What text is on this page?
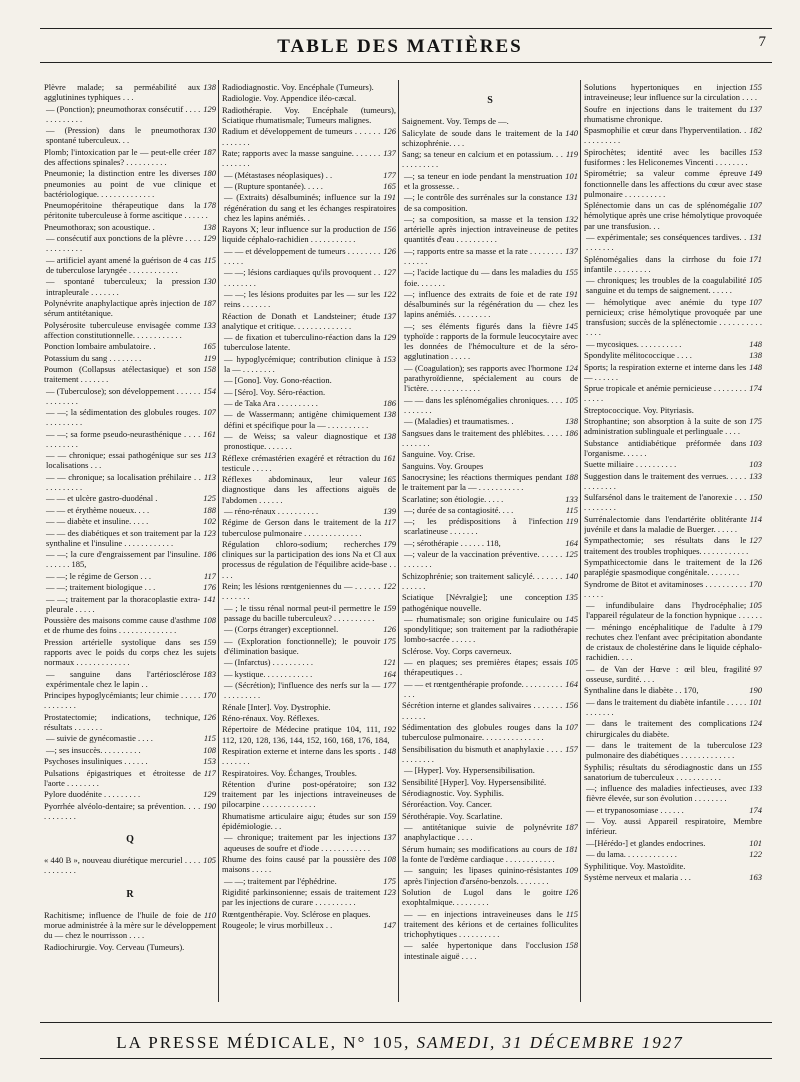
TABLE DES MATIÈRES	7
138
Plèvre malade; sa perméabilité aux agglutinines typhiques . . .
129
— (Ponction); pneumothorax consécutif . . . . . . . . . . . . .
130
— (Pression) dans le pneumothorax spontané tuberculeux. . .
187
Plomb; l'intoxication par le — peut-elle créer des affections spinales? . . . . . . . . . .
180
Pneumonie; la distinction entre les diverses pneumonies au point de vue clinique et bactériologique. . . . . . . . . . . . . .
178
Pneumopéritoine thérapeutique dans la péritonite tuberculeuse à forme ascitique . . . . . .
138
Pneumothorax; son acoustique. .
129
— consécutif aux ponctions de la plèvre . . . . . . . . . . . . .
115
— artificiel ayant amené la guérison de 4 cas de tuberculose laryngée . . . . . . . . . . . .
130
— spontané tuberculeux; la pression intrapleurale . . . . . . .
187
Polynévrite anaphylactique après injection de sérum antitétanique.
133
Polysérosite tuberculeuse envisagée comme affection constitutionnelle. . . . . . . . . . . .
165
Ponction lombaire ambulatoire. .
119
Potassium du sang . . . . . . . .
158
Poumon (Collapsus atélectasique) et son traitement . . . . . . .
154
— (Tuberculose); son développement . . . . . . . . . . . . . .
107
— —; la sédimentation des globules rouges. . . . . . . . . .
161
— —; sa forme pseudo-neurasthénique . . . . . . . . . . . .
113
— — chronique; essai pathogénique sur ses localisations . . .
113
— — chronique; sa localisation préhilaire . . . . . . . . . . .
125
— — et ulcère gastro-duodénal .
188
— — et érythème noueux. . . .
102
— — diabète et insuline. . . . .
123
— — des diabétiques et son traitement par la synthaline et l'insuline . . . . . . . . . . . .
186
— —; la cure d'engraissement par l'insuline. . . . . . . 185,
117
— —; le régime de Gerson . . .
176
— —; traitement biologique . . .
141
— —; traitement par la thoracoplastie extra-pleurale . . . . .
108
Poussière des maisons comme cause d'asthme et de rhume des foins . . . . . . . . . . . . . .
159
Pression artérielle systolique dans ses rapports avec le poids du corps chez les sujets normaux . . . . . . . . . . . . .
183
— sanguine dans l'artériosclérose expérimentale chez le lapin . .
170
Principes hypoglycémiants; leur chimie . . . . . . . . . . . . .
126
Prostatectomie; indications, technique, résultats . . . . . . .
115
— suivie de gynécomastie . . . .
108
—; ses insuccès. . . . . . . . . .
153
Psychoses insuliniques . . . . . .
117
Pulsations épigastriques et étroitesse de l'aorte . . . . . . . .
129
Pylore duodénite . . . . . . . . .
190
Pyorrhée alvéolo-dentaire; sa prévention. . . . . . . . . . . .
Q
105
« 440 B », nouveau diurétique mercuriel . . . . . . . . . . . .
R
110
Rachitisme; influence de l'huile de foie de morue administrée à la mère sur le développement du — chez le nourrisson . . . .
Radiochirurgie. Voy. Cerveau (Tumeurs).
Radiodiagnostic. Voy. Encéphale (Tumeurs).
Radiologie. Voy. Appendice iléo-cæcal.
Radiothérapie. Voy. Encéphale (tumeurs), Sciatique rhumatismale; Tumeurs malignes.
126
Radium et développement de tumeurs . . . . . . . . . . . . .
137
Rate; rapports avec la masse sanguine. . . . . . . . . . . . . .
177
— (Métastases néoplasiques) . .
165
— (Rupture spontanée). . . . .
191
— (Extraits) désalbuminés; influence sur la régénération du sang et les échanges respiratoires chez les lapins anémiés. .
156
Rayons X; leur influence sur la production de liquide céphalo-rachidien . . . . . . . . . . .
126
— — et développement de tumeurs . . . . . . . . . . . . .
127
— —; lésions cardiaques qu'ils provoquent . . . . . . . . . .
122
— —; les lésions produites par les — sur les reins . . . . . . .
137
Réaction de Donath et Landsteiner; étude analytique et critique. . . . . . . . . . . . . .
129
— de fixation et tuberculino-réaction dans la tuberculose latente.
153
— hypoglycémique; contribution clinique à la — . . . . . . . .
— [Gono]. Voy. Gono-réaction.
— [Séro]. Voy. Séro-réaction.
186
— de Taka Ara . . . . . . . . . .
138
— de Wassermann; antigène chimiquement défini et spécifique pour la — . . . . . . . . . .
138
— de Weiss; sa valeur diagnostique et pronostique. . . . . . .
161
Réflexe crémastérien exagéré et rétraction du testicule . . . . .
165
Réflexes abdominaux, leur valeur diagnostique dans les affections aiguës de l'abdomen . . . . . .
139
— réno-rénaux . . . . . . . . . .
117
Régime de Gerson dans le traitement de la tuberculose pulmonaire . . . . . . . . . . . . . .
179
Régulation chloro-sodium; recherches cliniques sur la participation des ions Na et Cl aux processus de régulation de l'équilibre acide-base . . . . .
122
Rein; les lésions rœntgeniennes du — . . . . . . . . . . . . .
159
— ; le tissu rénal normal peut-il permettre le passage du bacille tuberculeux? . . . . . . . . . .
126
— (Corps étranger) exceptionnel.
175
— (Exploration fonctionnelle); le pouvoir d'élimination basique.
121
— (Infarctus) . . . . . . . . . .
164
— kystique. . . . . . . . . . . .
177
— (Sécrétion); l'influence des nerfs sur la — . . . . . . . . .
Rénale [Inter]. Voy. Dystrophie.
Réno-rénaux. Voy. Réflexes.
192
Répertoire de Médecine pratique 104, 111, 112, 120, 128, 136, 144, 152, 160, 168, 176, 184,
148
Respiration externe et interne dans les sports . . . . . . . .
Respiratoires. Voy. Échanges, Troubles.
132
Rétention d'urine post-opératoire; son traitement par les injections intraveineuses de pilocarpine . . . . . . . . . . . . .
159
Rhumatisme articulaire aigu; études sur son épidémiologie. . .
137
— chronique; traitement par les injections aqueuses de soufre et d'iode . . . . . . . . . . . .
108
Rhume des foins causé par la poussière des maisons . . . . .
175
— —; traitement par l'éphédrine.
123
Rigidité parkinsonienne; essais de traitement par les injections de curare . . . . . . . . . .
Rœntgenthérapie. Voy. Sclérose en plaques.
147
Rougeole; le virus morbilleux . .
S
Saignement. Voy. Temps de —.
140
Salicylate de soude dans le traitement de la schizophrénie. . . .
119
Sang; sa teneur en calcium et en potassium. . . . . . . . . . . .
101
—; sa teneur en iode pendant la menstruation et la grossesse. .
131
—; le contrôle des surrénales sur la constance de sa composition.
132
—; sa composition, sa masse et la tension artérielle après injection intraveineuse de petites quantités d'eau . . . . . . . . . .
137
—; rapports entre sa masse et la rate . . . . . . . . . . . . . .
155
—; l'acide lactique du — dans les maladies du foie. . . . . . .
191
—; influence des extraits de foie et de rate désalbuminés sur la régénération du — chez les lapins anémiés. . . . . . . . .
145
—; ses éléments figurés dans la fièvre typhoïde : rapports de la formule leucocytaire avec les données de l'hémoculture et de la séro-agglutination . . . . .
124
— (Coagulation); ses rapports avec l'hormone parathyroïdienne, spécialement au cours de l'ictère. . . . . . . . . . . . .
105
— — dans les splénomégalies chroniques. . . . . . . . . . .
138
— (Maladies) et traumatismes. .
186
Sangsues dans le traitement des phlébites. . . . . . . . . . . .
Sanguine. Voy. Crise.
Sanguins. Voy. Groupes
188
Sanocrysine; les réactions thermiques pendant le traitement par la — . . . . . . . . . . .
133
Scarlatine; son étiologie. . . . .
115
—; durée de sa contagiosité. . . .
119
—; les prédispositions à l'infection scarlatineuse . . . . . . .
164
—; sérothérapie . . . . . . 118,
125
—; valeur de la vaccination préventive. . . . . . . . . . . . .
140
Schizophrénie; son traitement salicylé. . . . . . . . . . . . .
135
Sciatique [Névralgie]; une conception pathogénique nouvelle.
145
— rhumatismale; son origine funiculaire ou spondylitique; son traitement par la radiothérapie lombo-sacrée . . . . . .
Sclérose. Voy. Corps caverneux.
105
— en plaques; ses premières étapes; essais thérapeutiques . .
164
— — et rœntgenthérapie profonde. . . . . . . . . . . . .
156
Sécrétion interne et glandes salivaires . . . . . . . . . . . . .
107
Sédimentation des globules rouges dans la tuberculose pulmonaire. . . . . . . . . . . . . . .
157
Sensibilisation du bismuth et anaphylaxie . . . . . . . . . . . .
— [Hyper]. Voy. Hypersensibilisation.
Sensibilité [Hyper]. Voy. Hypersensibilité.
Sérodiagnostic. Voy. Syphilis.
Séroréaction. Voy. Cancer.
Sérothérapie. Voy. Scarlatine.
187
— antitétanique suivie de polynévrite anaphylactique . . . .
181
Sérum humain; ses modifications au cours de la fonte de l'œdème cardiaque . . . . . . . . . . . .
109
— sanguin; les lipases quinino-résistantes après l'injection d'arséno-benzols. . . . . . . .
126
Solution de Lugol dans le goitre exophtalmique. . . . . . . . .
115
— — en injections intraveineuses dans le traitement des kérions et de certaines folliculites trichophytiques . . . . . . . . . .
158
— salée hypertonique dans l'occlusion intestinale aiguë . . . .
155
Solutions hypertoniques en injection intraveineuse; leur influence sur la circulation . . . .
137
Soufre en injections dans le traitement du rhumatisme chronique.
182
Spasmophilie et cœur dans l'hyperventilation. . . . . . . . . . .
153
Spirochètes; identité avec les bacilles fusiformes : les Heliconemes Vincenti . . . . . . . .
149
Spirométrie; sa valeur comme épreuve fonctionnelle dans les affections du cœur avec stase pulmonaire . . . . . . . . . .
107
Splénectomie dans un cas de splénomégalie hémolytique après une crise hémolytique provoquée par une transfusion. . .
131
— expérimentale; ses conséquences tardives. . . . . . . . .
171
Splénomégalies dans la cirrhose du foie infantile . . . . . . . . .
105
— chroniques; les troubles de la coagulabilité sanguine et du temps de saignement. . . . . .
107
— hémolytique avec anémie du type pernicieux; crise hémolytique provoquée par une transfusion; succès de la splénectomie . . . . . . . . . . . . . .
148
— mycosiques. . . . . . . . . . .
138
Spondylite mélitococcique . . . .
148
Sports; la respiration externe et interne dans les — . . . . . .
174
Sprue tropicale et anémie pernicieuse . . . . . . . . . . . . .
Streptococcique. Voy. Pityriasis.
175
Strophantine; son absorption à la suite de son administration sublinguale et perlinguale . . . .
103
Substance antidiabétique préformée dans l'organisme. . . . . .
103
Suette miliaire . . . . . . . . . .
133
Suggestion dans le traitement des verrues. . . . . . . . . . . . .
150
Sulfarsénol dans le traitement de l'anorexie . . . . . . . . . . .
114
Surrénalectomie dans l'endartérite oblitérante juvénile et dans la maladie de Buerger. . . . . .
127
Sympathectomie; ses résultats dans le traitement des troubles trophiques. . . . . . . . . . . .
126
Sympathicectomie dans le traitement de la paraplégie spasmodique congénitale. . . . . . . .
170
Syndrome de Bitot et avitaminoses . . . . . . . . . . . . . . .
105
— infundibulaire dans l'hydrocéphalie; l'appareil régulateur de la fonction hypnique . . . . . .
179
— méningo encéphalitique de l'adulte à rechutes chez l'enfant avec précipitation abondante de cristaux de cholestérine dans le liquide céphalo-rachidien. . . .
97
— de Van der Hœve : œil bleu, fragilité osseuse, surdité. . . .
190
Synthaline dans le diabète . . 170,
101
— dans le traitement du diabète infantile . . . . . . . . . . . .
124
— dans le traitement des complications chirurgicales du diabète.
123
— dans le traitement de la tuberculose pulmonaire des diabétiques . . . . . . . . . . . . .
155
Syphilis; résultats du sérodiagnostic dans un sanatorium de tuberculeux . . . . . . . . . . .
133
—; influence des maladies infectieuses, avec fièvre élevée, sur son évolution . . . . . . . .
174
— et trypanosomiase . . . . . .
— Voy. aussi Appareil respiratoire, Membre inférieur.
101
—[Hérédo-] et glandes endocrines.
122
— du lama. . . . . . . . . . . . .
Syphilitique. Voy. Mastoïdite.
163
Système nerveux et malaria . . .
LA PRESSE MÉDICALE, N° 105, SAMEDI, 31 DÉCEMBRE 1927
